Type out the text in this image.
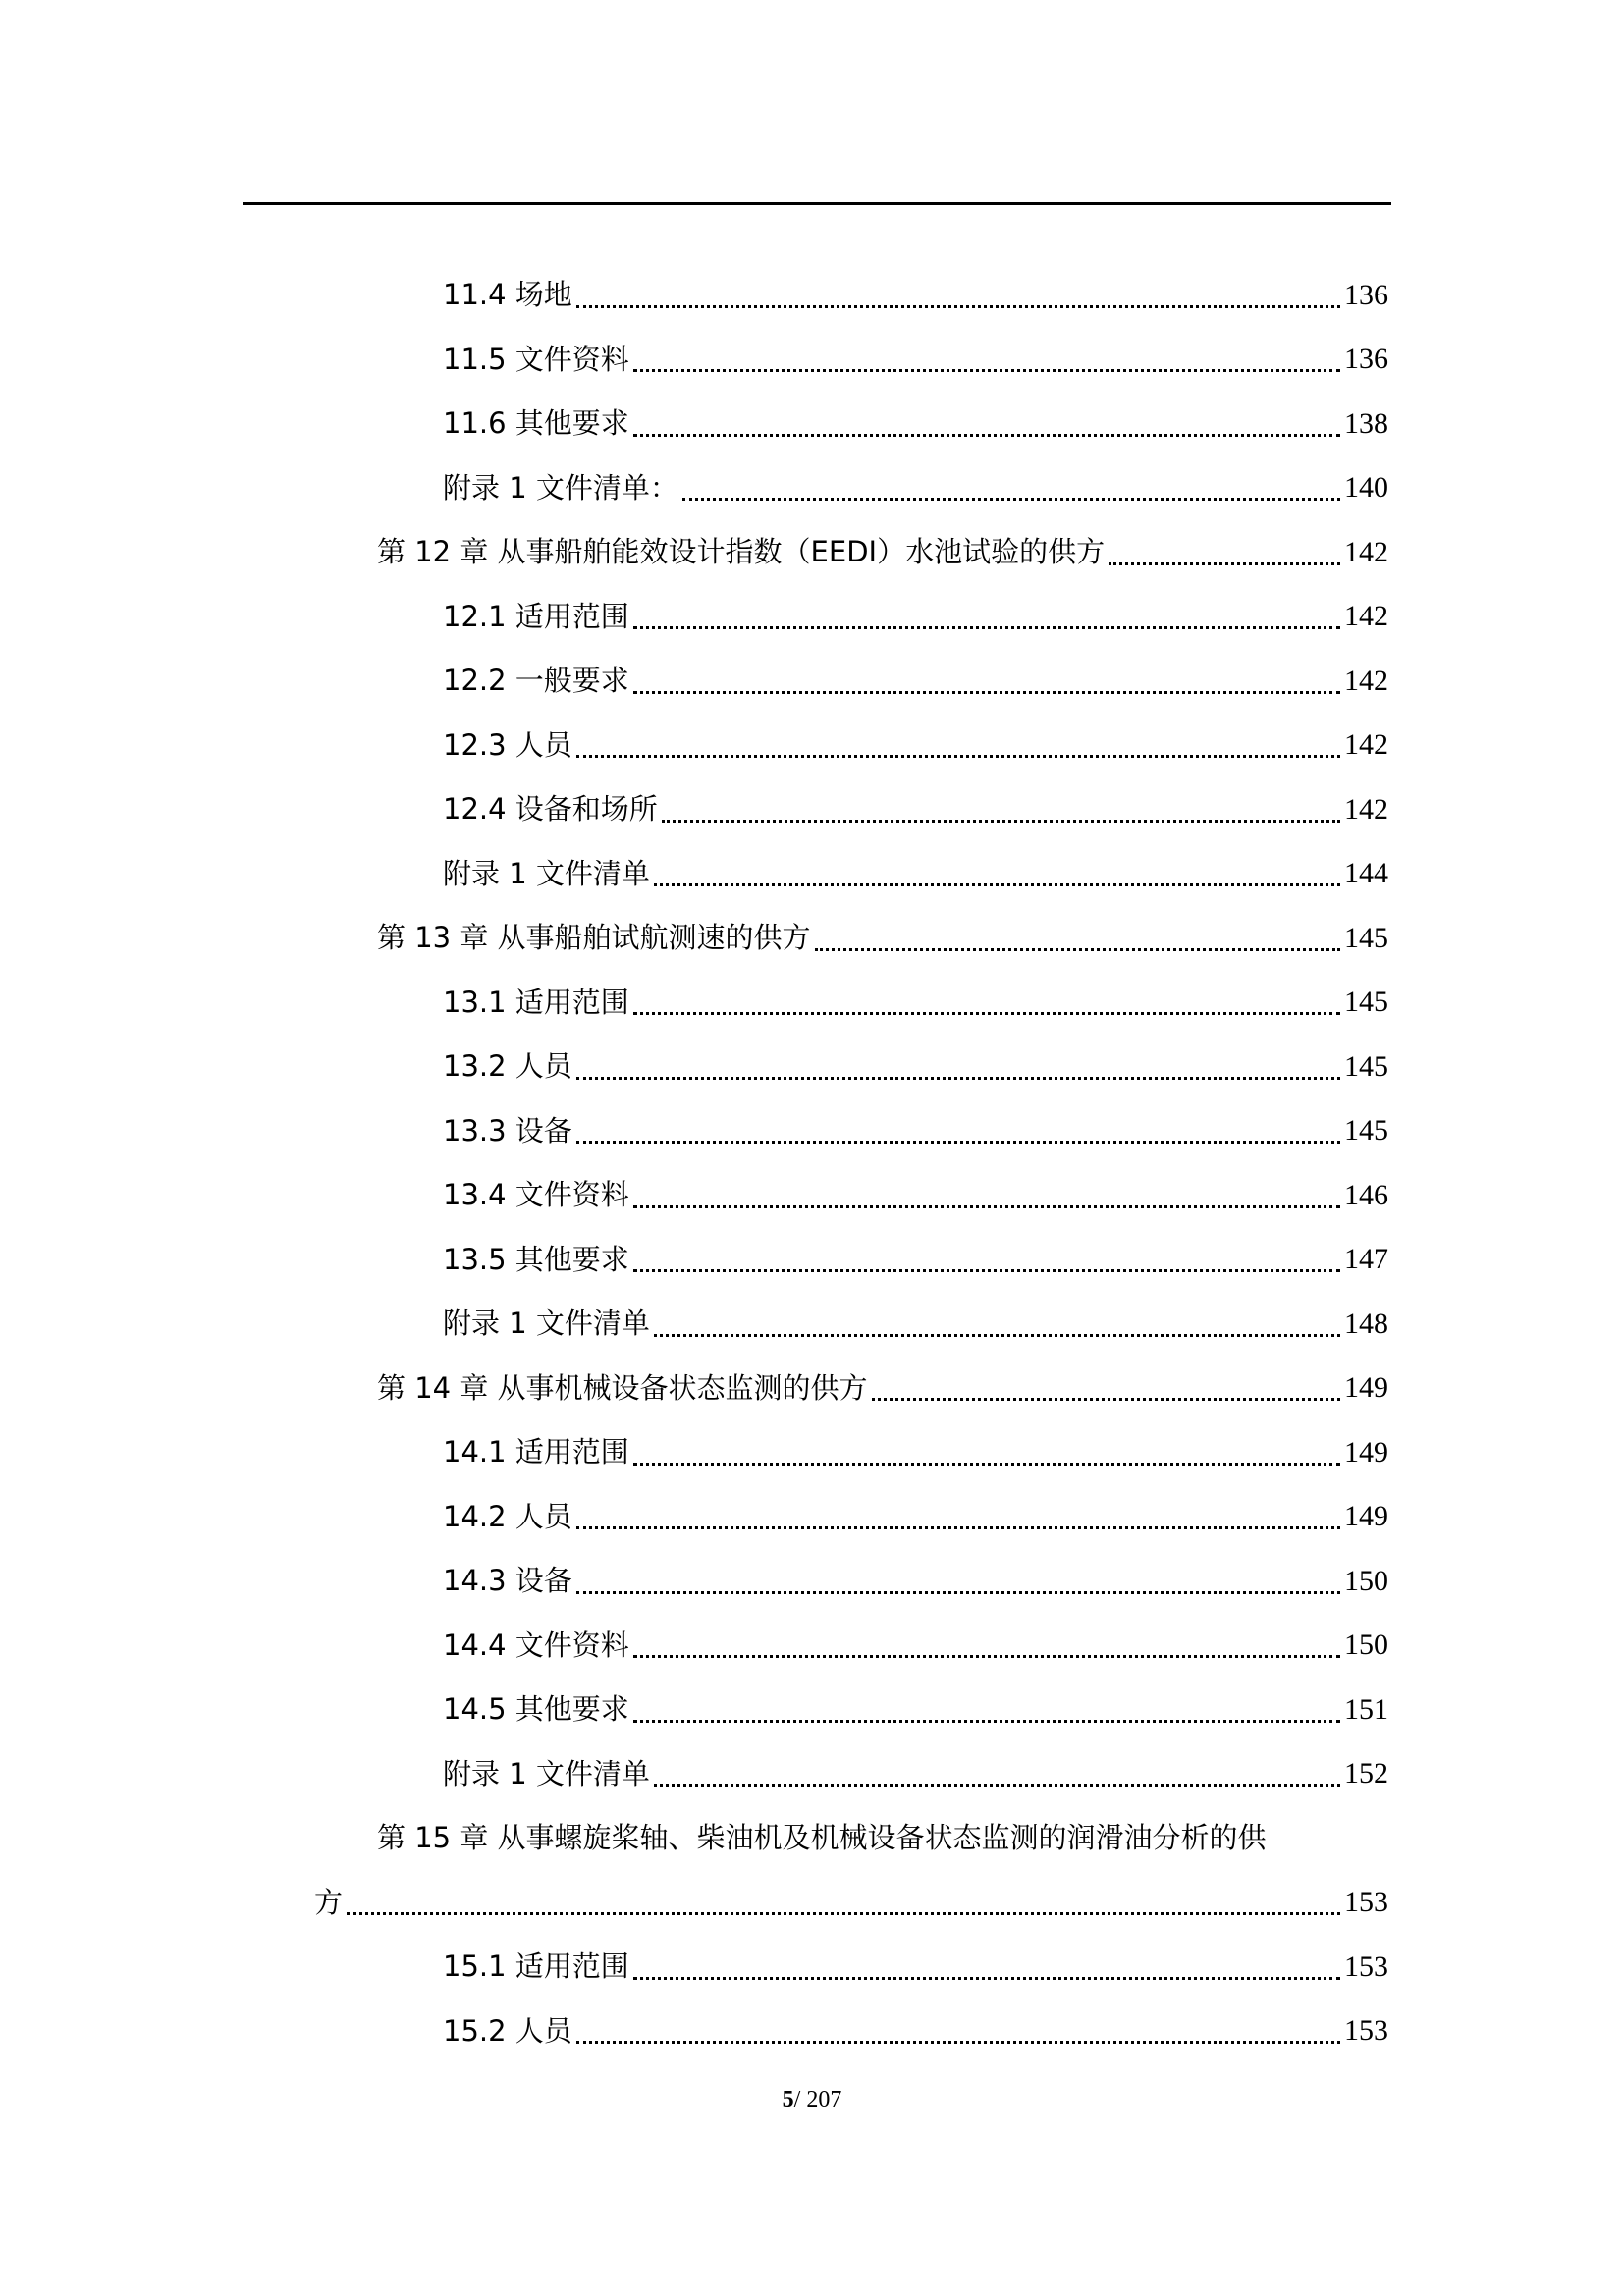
11.4 场地	136
11.5 文件资料	136
11.6 其他要求	138
附录 1 文件清单：	140
第 12 章 从事船舶能效设计指数（EEDI）水池试验的供方	142
12.1 适用范围	142
12.2 一般要求	142
12.3 人员	142
12.4 设备和场所	142
附录 1 文件清单	144
第 13 章 从事船舶试航测速的供方	145
13.1 适用范围	145
13.2 人员	145
13.3 设备	145
13.4 文件资料	146
13.5 其他要求	147
附录 1 文件清单	148
第 14 章 从事机械设备状态监测的供方	149
14.1 适用范围	149
14.2 人员	149
14.3 设备	150
14.4 文件资料	150
14.5 其他要求	151
附录 1 文件清单	152
第 15 章 从事螺旋桨轴、柴油机及机械设备状态监测的润滑油分析的供
方	153
15.1 适用范围	153
15.2 人员	153
5/ 207
